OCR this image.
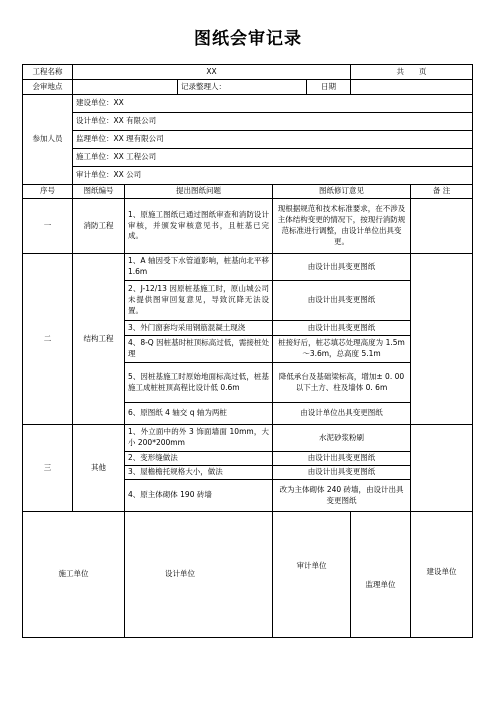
图纸会审记录
工程名称	XX					共　　页	
会审地点			记录整理人：		日期		
参加人员	建设单位：XX						
	设计单位：XX 有限公司						
	监理单位：XX 理有限公司						
	施工单位：XX 工程公司						
	审计单位：XX 公司						
序号	图纸编号	提出图纸问题		图纸修订意见			备 注
一	消防工程	1、原施工图纸已通过图纸审查和消防设计审核，并颁发审核意见书，且桩基已完成。		现根据规范和技术标准要求，在不涉及主体结构变更的情况下，按现行消防规范标准进行调整，由设计单位出具变更。			
二	结构工程	1、A 轴因受下水管道影响，桩基向北平移 1.6m		由设计出具变更图纸			
		2、J-12/13 因原桩基施工时，原山城公司未提供图审回复意见，导致沉降无法设置。		由设计出具变更图纸			
		3、外门窗套均采用钢筋混凝土现浇		由设计出具变更图纸			
		4、8-Q 因桩基时桩顶标高过低，需接桩处理		桩接好后，桩芯填芯处理高度为 1.5m～3.6m，总高度 5.1m			
		5、因桩基施工时原始地面标高过低，桩基施工成桩桩顶高程比设计低 0.6m		降低承台及基础梁标高，增加± 0. 00 以下土方、柱及墙体 0. 6m			
		6、原图纸 4 轴交 q 轴为两桩		由设计单位出具变更图纸			
三	其他	1、外立面中的外 3 饰面墙面 10mm，大小 200*200mm		水泥砂浆粉刷			
		2、变形缝做法		由设计出具变更图纸			
		3、屋檐檐托规格大小，做法		由设计出具变更图纸			
		4、原主体砌体 190 砖墙		改为主体砌体 240 砖墙，由设计出具变更图纸			
施工单位		设计单位		审计单位		监理单位	建设单位
